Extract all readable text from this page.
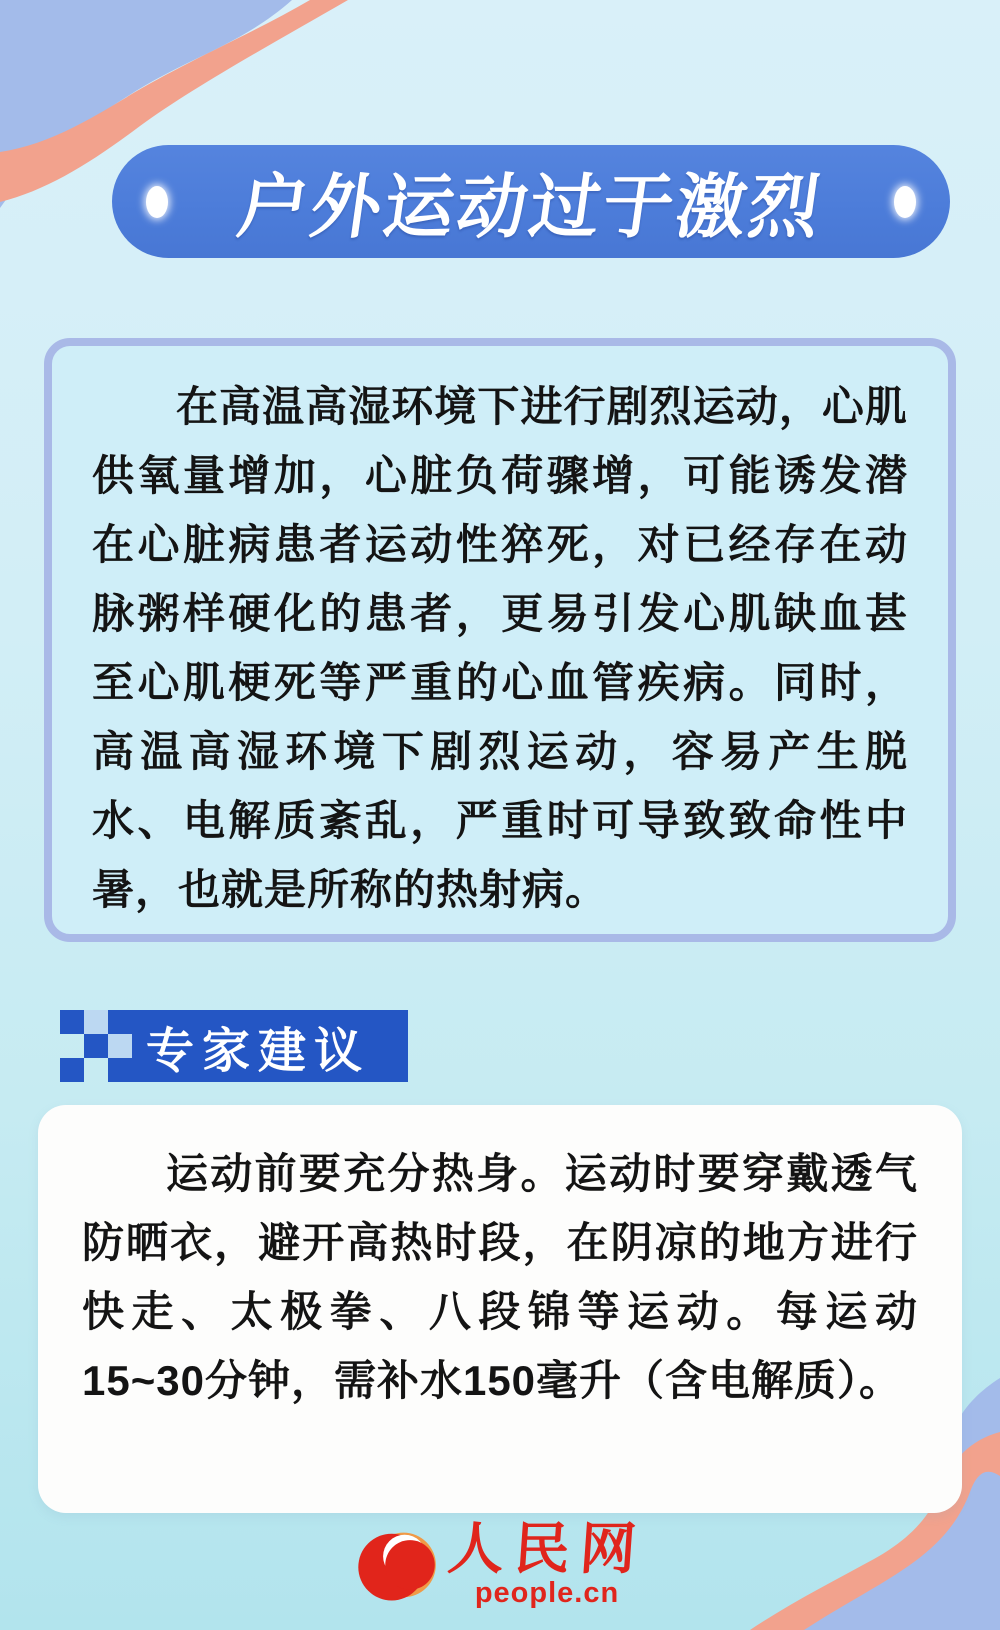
户外运动过于激烈

在高温高湿环境下进行剧烈运动，心肌供氧量增加，心脏负荷骤增，可能诱发潜在心脏病患者运动性猝死，对已经存在动脉粥样硬化的患者，更易引发心肌缺血甚至心肌梗死等严重的心血管疾病。同时，高温高湿环境下剧烈运动，容易产生脱水、电解质紊乱，严重时可导致致命性中暑，也就是所称的热射病。

专家建议

运动前要充分热身。运动时要穿戴透气防晒衣，避开高热时段，在阴凉的地方进行快走、太极拳、八段锦等运动。每运动15~30分钟，需补水150毫升（含电解质）。

人民网
people.cn
